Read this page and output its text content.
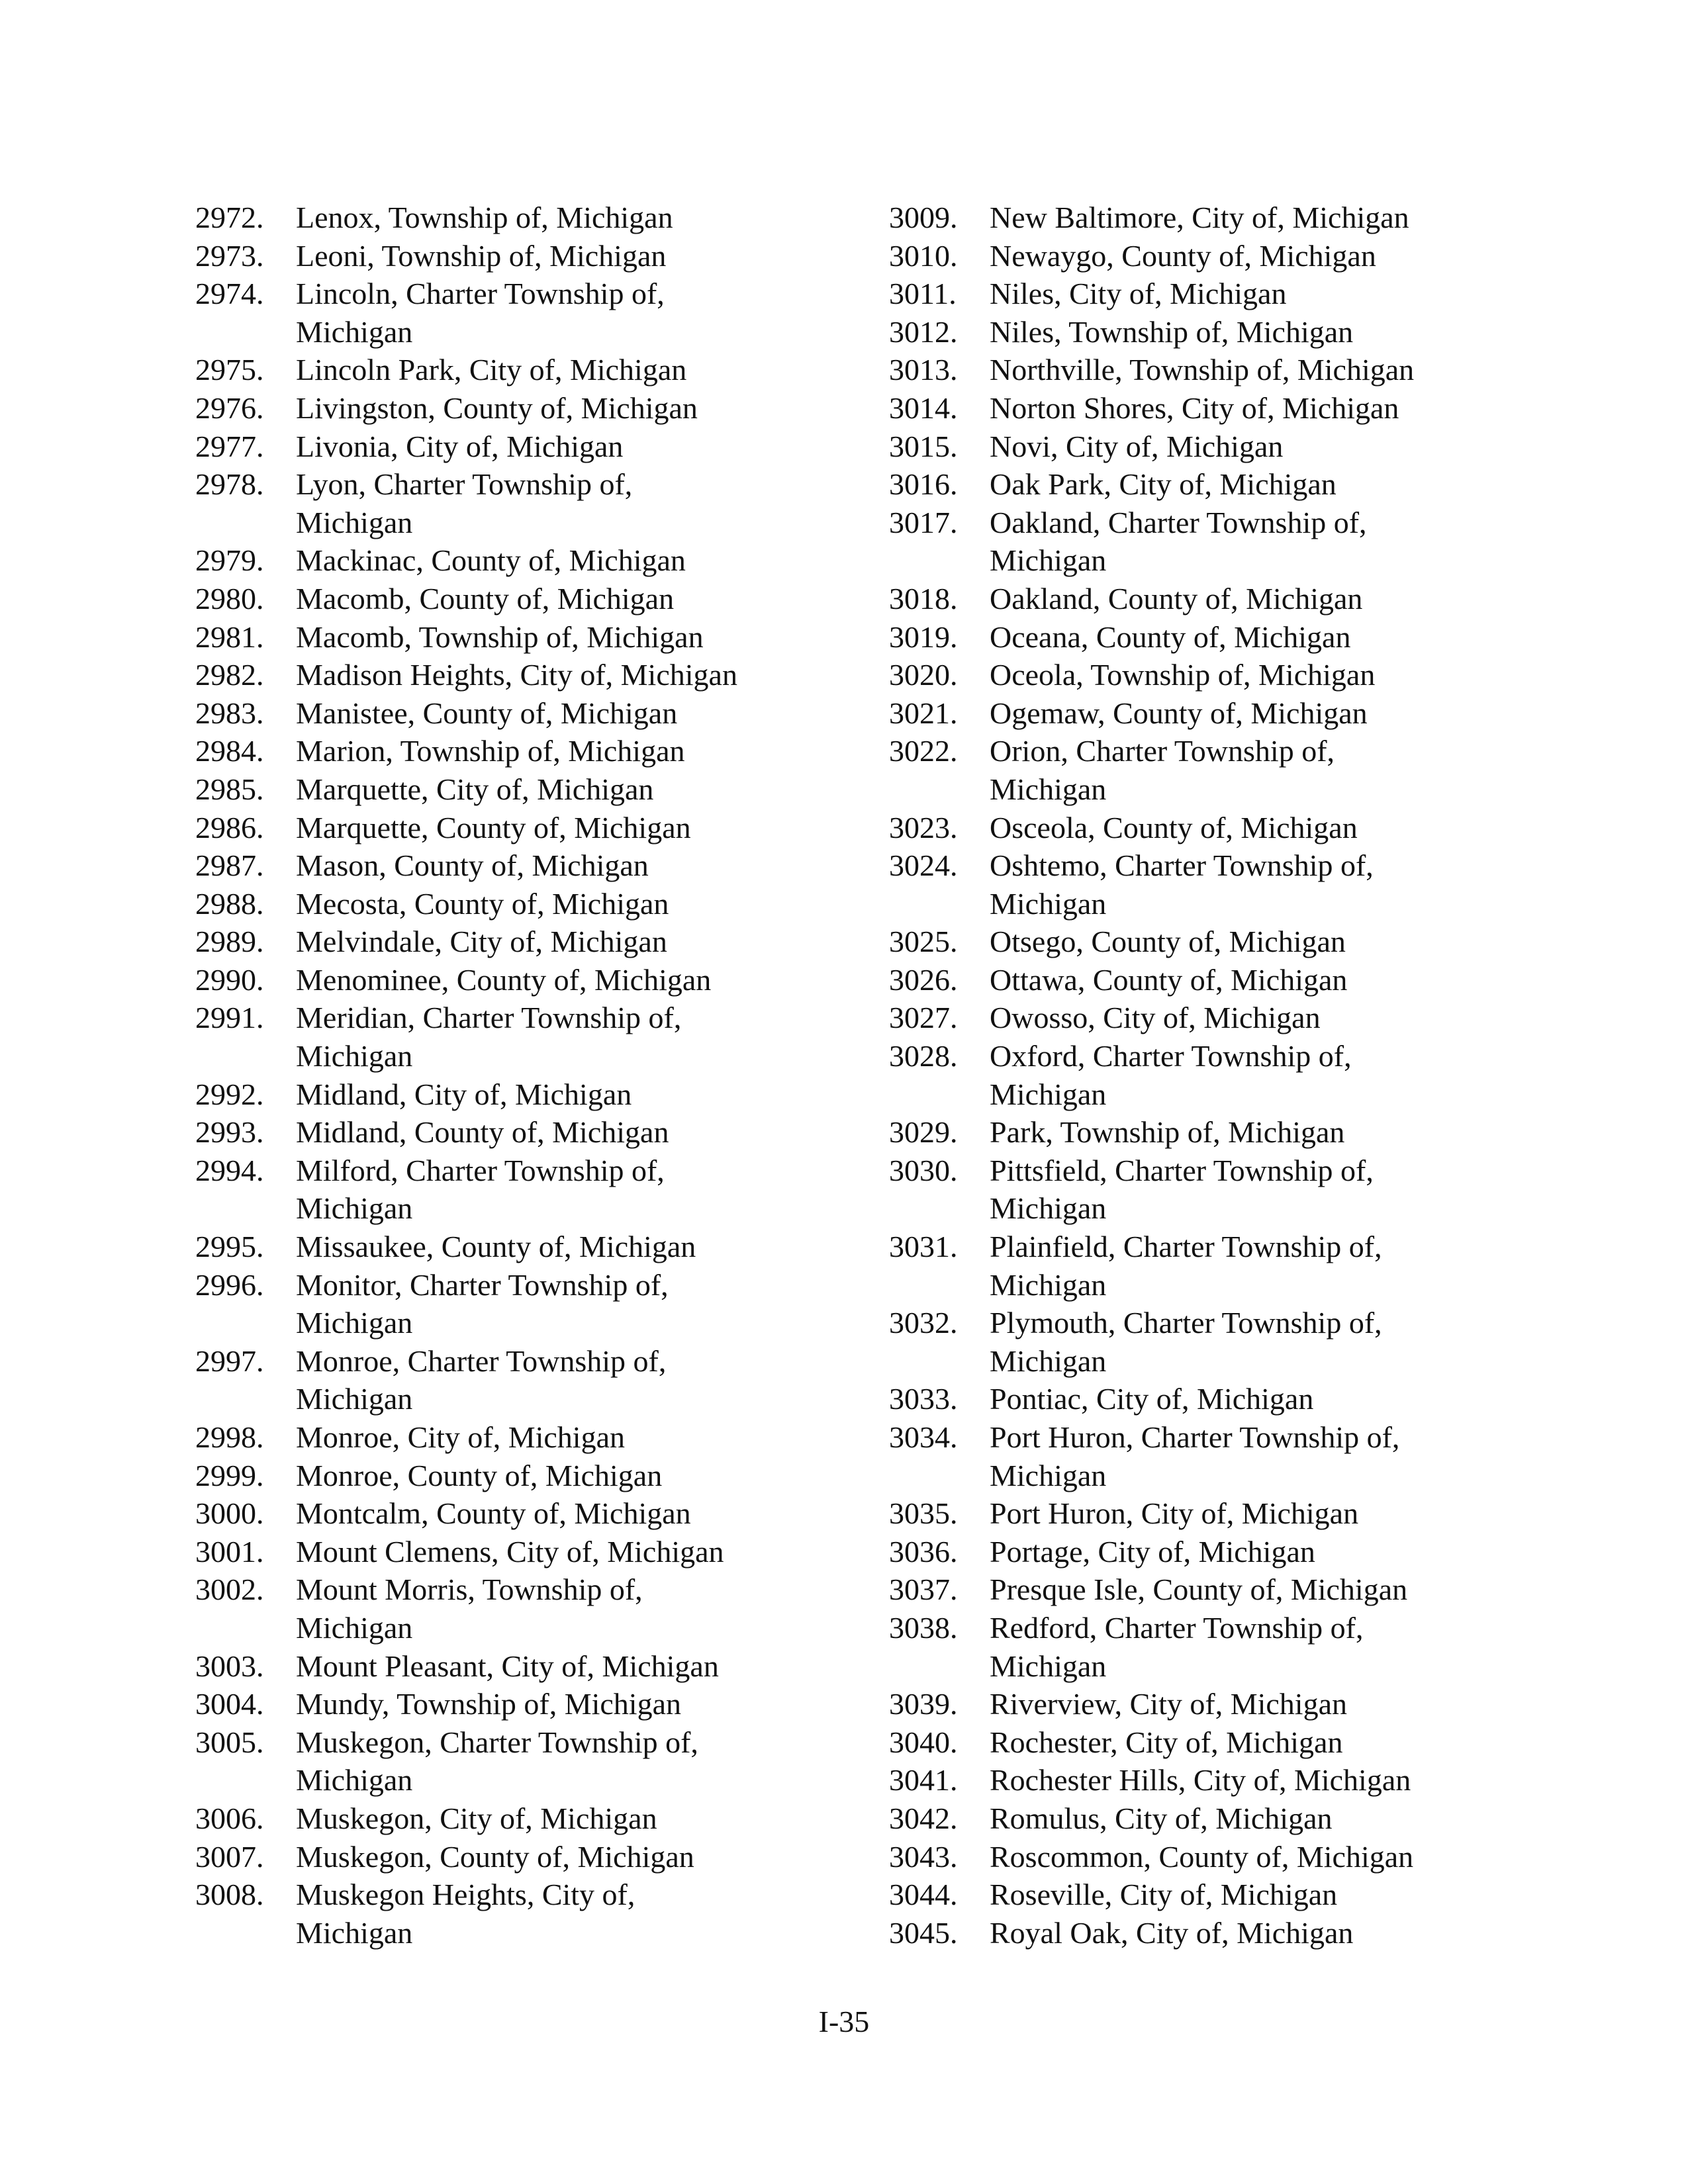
2972.	Lenox, Township of, Michigan
2973.	Leoni, Township of, Michigan
2974.	Lincoln, Charter Township of,
Michigan
2975.	Lincoln Park, City of, Michigan
2976.	Livingston, County of, Michigan
2977.	Livonia, City of, Michigan
2978.	Lyon, Charter Township of,
Michigan
2979.	Mackinac, County of, Michigan
2980.	Macomb, County of, Michigan
2981.	Macomb, Township of, Michigan
2982.	Madison Heights, City of, Michigan
2983.	Manistee, County of, Michigan
2984.	Marion, Township of, Michigan
2985.	Marquette, City of, Michigan
2986.	Marquette, County of, Michigan
2987.	Mason, County of, Michigan
2988.	Mecosta, County of, Michigan
2989.	Melvindale, City of, Michigan
2990.	Menominee, County of, Michigan
2991.	Meridian, Charter Township of,
Michigan
2992.	Midland, City of, Michigan
2993.	Midland, County of, Michigan
2994.	Milford, Charter Township of,
Michigan
2995.	Missaukee, County of, Michigan
2996.	Monitor, Charter Township of,
Michigan
2997.	Monroe, Charter Township of,
Michigan
2998.	Monroe, City of, Michigan
2999.	Monroe, County of, Michigan
3000.	Montcalm, County of, Michigan
3001.	Mount Clemens, City of, Michigan
3002.	Mount Morris, Township of,
Michigan
3003.	Mount Pleasant, City of, Michigan
3004.	Mundy, Township of, Michigan
3005.	Muskegon, Charter Township of,
Michigan
3006.	Muskegon, City of, Michigan
3007.	Muskegon, County of, Michigan
3008.	Muskegon Heights, City of,
Michigan
3009.	New Baltimore, City of, Michigan
3010.	Newaygo, County of, Michigan
3011.	Niles, City of, Michigan
3012.	Niles, Township of, Michigan
3013.	Northville, Township of, Michigan
3014.	Norton Shores, City of, Michigan
3015.	Novi, City of, Michigan
3016.	Oak Park, City of, Michigan
3017.	Oakland, Charter Township of,
Michigan
3018.	Oakland, County of, Michigan
3019.	Oceana, County of, Michigan
3020.	Oceola, Township of, Michigan
3021.	Ogemaw, County of, Michigan
3022.	Orion, Charter Township of,
Michigan
3023.	Osceola, County of, Michigan
3024.	Oshtemo, Charter Township of,
Michigan
3025.	Otsego, County of, Michigan
3026.	Ottawa, County of, Michigan
3027.	Owosso, City of, Michigan
3028.	Oxford, Charter Township of,
Michigan
3029.	Park, Township of, Michigan
3030.	Pittsfield, Charter Township of,
Michigan
3031.	Plainfield, Charter Township of,
Michigan
3032.	Plymouth, Charter Township of,
Michigan
3033.	Pontiac, City of, Michigan
3034.	Port Huron, Charter Township of,
Michigan
3035.	Port Huron, City of, Michigan
3036.	Portage, City of, Michigan
3037.	Presque Isle, County of, Michigan
3038.	Redford, Charter Township of,
Michigan
3039.	Riverview, City of, Michigan
3040.	Rochester, City of, Michigan
3041.	Rochester Hills, City of, Michigan
3042.	Romulus, City of, Michigan
3043.	Roscommon, County of, Michigan
3044.	Roseville, City of, Michigan
3045.	Royal Oak, City of, Michigan
I-35
